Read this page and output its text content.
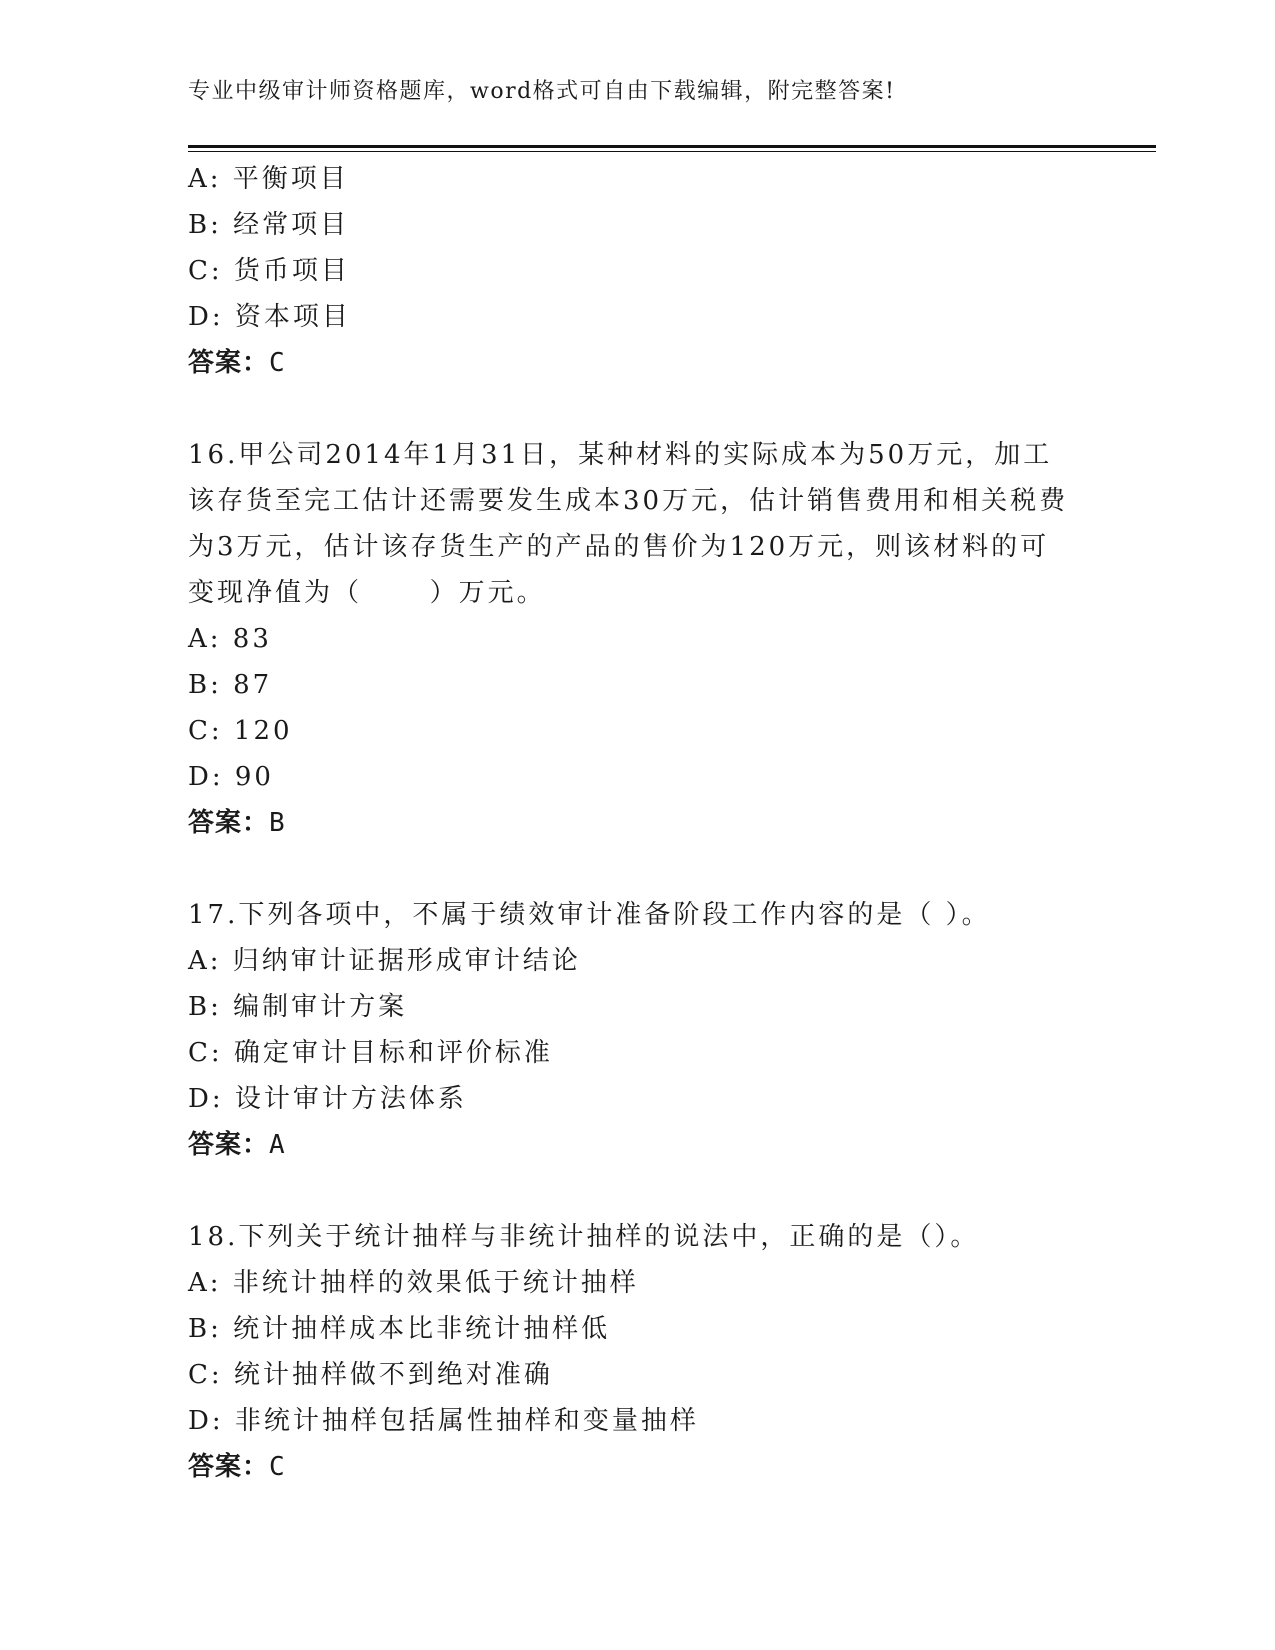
专业中级审计师资格题库，word格式可自由下载编辑，附完整答案!
A: 平衡项目
B: 经常项目
C: 货币项目
D: 资本项目
答案：C
16.甲公司2014年1月31日，某种材料的实际成本为50万元，加工
该存货至完工估计还需要发生成本30万元，估计销售费用和相关税费
为3万元，估计该存货生产的产品的售价为120万元，则该材料的可
变现净值为（      ）万元。
A: 83
B: 87
C: 120
D: 90
答案：B
17.下列各项中，不属于绩效审计准备阶段工作内容的是（ ）。
A: 归纳审计证据形成审计结论
B: 编制审计方案
C: 确定审计目标和评价标准
D: 设计审计方法体系
答案：A
18.下列关于统计抽样与非统计抽样的说法中，正确的是（）。
A: 非统计抽样的效果低于统计抽样
B: 统计抽样成本比非统计抽样低
C: 统计抽样做不到绝对准确
D: 非统计抽样包括属性抽样和变量抽样
答案：C
